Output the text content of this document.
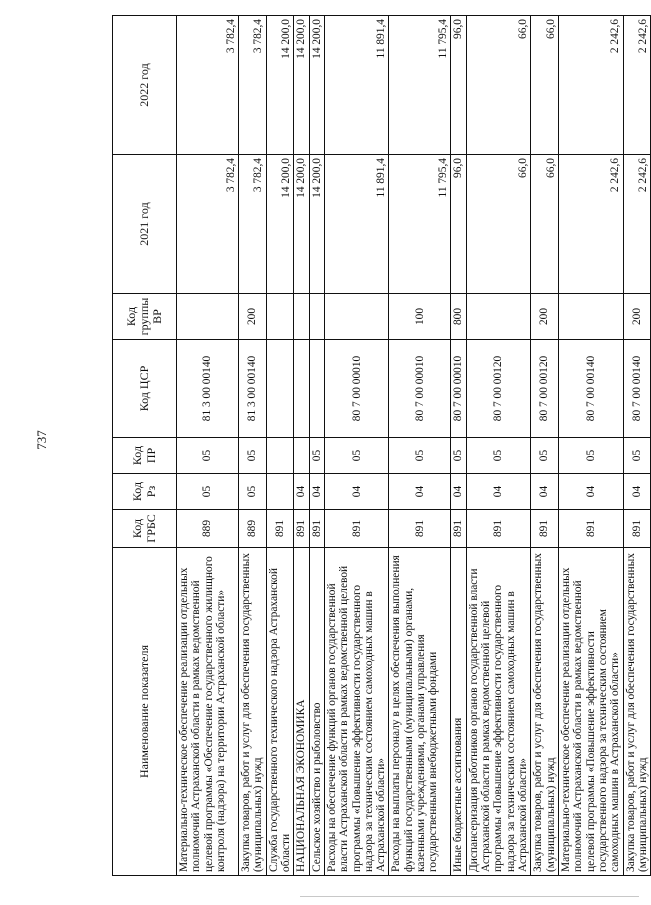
737
Наименование показателя	Код ГРБС	Код Рз	Код ПР	Код ЦСР	Код группы ВР	2021 год	2022 год
Материально-техническое обеспечение реализации отдельных полномочий Астраханской области в рамках ведомственной целевой программы «Обеспечение государственного жилищного контроля (надзора) на территории Астраханской области»	889	05	05	81 3 00 00140		3 782,4	3 782,4
Закупка товаров, работ и услуг для обеспечения государственных (муниципальных) нужд	889	05	05	81 3 00 00140	200	3 782,4	3 782,4
Служба государственного технического надзора Астраханской области	891					14 200,0	14 200,0
НАЦИОНАЛЬНАЯ ЭКОНОМИКА	891	04				14 200,0	14 200,0
Сельское хозяйство и рыболовство	891	04	05			14 200,0	14 200,0
Расходы на обеспечение функций органов государственной власти Астраханской области в рамках ведомственной целевой программы «Повышение эффективности государственного надзора за техническим состоянием самоходных машин в Астраханской области»	891	04	05	80 7 00 00010		11 891,4	11 891,4
Расходы на выплаты персоналу в целях обеспечения выполнения функций государственными (муниципальными) органами, казенными учреждениями, органами управления государственными внебюджетными фондами	891	04	05	80 7 00 00010	100	11 795,4	11 795,4
Иные бюджетные ассигнования	891	04	05	80 7 00 00010	800	96,0	96,0
Диспансеризация работников органов государственной власти Астраханской области в рамках ведомственной целевой программы «Повышение эффективности государственного надзора за техническим состоянием самоходных машин в Астраханской области»	891	04	05	80 7 00 00120		66,0	66,0
Закупка товаров, работ и услуг для обеспечения государственных (муниципальных) нужд	891	04	05	80 7 00 00120	200	66,0	66,0
Материально-техническое обеспечение реализации отдельных полномочий Астраханской области в рамках ведомственной целевой программы «Повышение эффективности государственного надзора за техническим состоянием самоходных машин в Астраханской области»	891	04	05	80 7 00 00140		2 242,6	2 242,6
Закупка товаров, работ и услуг для обеспечения государственных (муниципальных) нужд	891	04	05	80 7 00 00140	200	2 242,6	2 242,6
